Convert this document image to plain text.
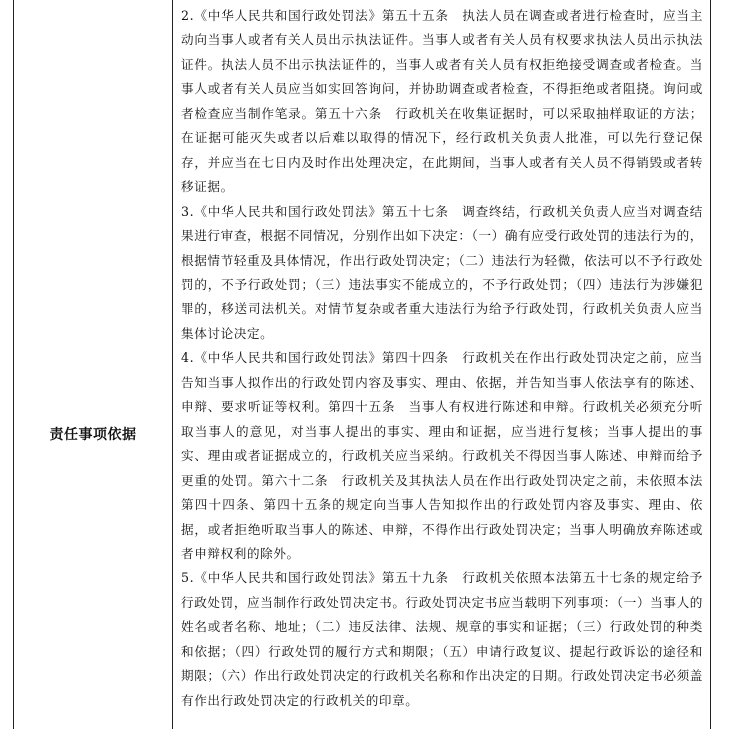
责任事项依据

2.《中华人民共和国行政处罚法》第五十五条　执法人员在调查或者进行检查时，应当主动向当事人或者有关人员出示执法证件。当事人或者有关人员有权要求执法人员出示执法证件。执法人员不出示执法证件的，当事人或者有关人员有权拒绝接受调查或者检查。当事人或者有关人员应当如实回答询问，并协助调查或者检查，不得拒绝或者阻挠。询问或者检查应当制作笔录。第五十六条　行政机关在收集证据时，可以采取抽样取证的方法；在证据可能灭失或者以后难以取得的情况下，经行政机关负责人批准，可以先行登记保存，并应当在七日内及时作出处理决定，在此期间，当事人或者有关人员不得销毁或者转移证据。

3.《中华人民共和国行政处罚法》第五十七条　调查终结，行政机关负责人应当对调查结果进行审查，根据不同情况，分别作出如下决定：（一）确有应受行政处罚的违法行为的，根据情节轻重及具体情况，作出行政处罚决定；（二）违法行为轻微，依法可以不予行政处罚的，不予行政处罚；（三）违法事实不能成立的，不予行政处罚；（四）违法行为涉嫌犯罪的，移送司法机关。对情节复杂或者重大违法行为给予行政处罚，行政机关负责人应当集体讨论决定。

4.《中华人民共和国行政处罚法》第四十四条　行政机关在作出行政处罚决定之前，应当告知当事人拟作出的行政处罚内容及事实、理由、依据，并告知当事人依法享有的陈述、申辩、要求听证等权利。第四十五条　当事人有权进行陈述和申辩。行政机关必须充分听取当事人的意见，对当事人提出的事实、理由和证据，应当进行复核；当事人提出的事实、理由或者证据成立的，行政机关应当采纳。行政机关不得因当事人陈述、申辩而给予更重的处罚。第六十二条　行政机关及其执法人员在作出行政处罚决定之前，未依照本法第四十四条、第四十五条的规定向当事人告知拟作出的行政处罚内容及事实、理由、依据，或者拒绝听取当事人的陈述、申辩，不得作出行政处罚决定；当事人明确放弃陈述或者申辩权利的除外。

5.《中华人民共和国行政处罚法》第五十九条　行政机关依照本法第五十七条的规定给予行政处罚，应当制作行政处罚决定书。行政处罚决定书应当载明下列事项：（一）当事人的姓名或者名称、地址；（二）违反法律、法规、规章的事实和证据；（三）行政处罚的种类和依据；（四）行政处罚的履行方式和期限；（五）申请行政复议、提起行政诉讼的途径和期限；（六）作出行政处罚决定的行政机关名称和作出决定的日期。行政处罚决定书必须盖有作出行政处罚决定的行政机关的印章。
